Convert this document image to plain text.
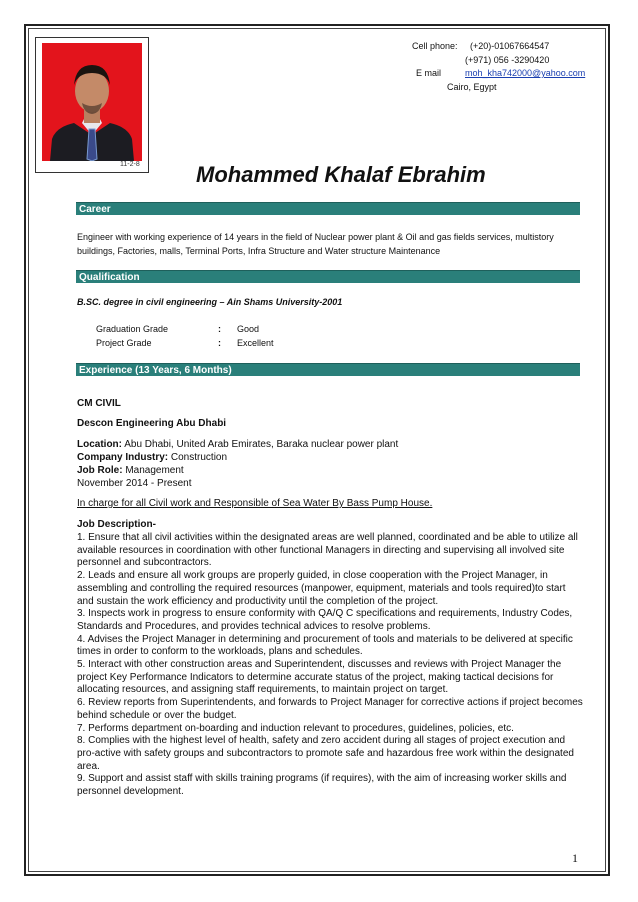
11-2-8
Cell phone: (+20)-01067664547
(+971) 056 -3290420
E mail	moh_kha742000@yahoo.com
Cairo, Egypt
Mohammed Khalaf Ebrahim
Career
Engineer with working experience of 14 years in the field of Nuclear power plant & Oil and gas fields services, multistory buildings, Factories, malls, Terminal Ports, Infra Structure and Water structure Maintenance
Qualification
B.SC. degree in civil engineering – Ain Shams University-2001
Graduation Grade	: Good
Project Grade	: Excellent
Experience (13 Years, 6 Months)
CM CIVIL
Descon Engineering Abu Dhabi
Location: Abu Dhabi, United Arab Emirates, Baraka nuclear power plant
Company Industry: Construction
Job Role: Management
November 2014 - Present
In charge for all Civil work and Responsible of Sea Water By Bass Pump House.
Job Description-

1. Ensure that all civil activities within the designated areas are well planned, coordinated and be able to utilize all available resources in coordination with other functional Managers in directing and supervising all involved site personnel and subcontractors.

2. Leads and ensure all work groups are properly guided, in close cooperation with the Project Manager, in assembling and controlling the required resources (manpower, equipment, materials and tools required)to start and sustain the work efficiency and productivity until the completion of the project.

3. Inspects work in progress to ensure conformity with QA/Q C specifications and requirements, Industry Codes, Standards and Procedures, and provides technical advices to resolve problems.

4. Advises the Project Manager in determining and procurement of tools and materials to be delivered at specific times in order to conform to the workloads, plans and schedules.

5. Interact with other construction areas and Superintendent, discusses and reviews with Project Manager the project Key Performance Indicators to determine accurate status of the project, making tactical decisions for allocating resources, and assigning staff requirements, to maintain project on target.

6. Review reports from Superintendents, and forwards to Project Manager for corrective actions if project becomes behind schedule or over the budget.

7. Performs department on-boarding and induction relevant to procedures, guidelines, policies, etc.

8. Complies with the highest level of health, safety and zero accident during all stages of project execution and pro-active with safety groups and subcontractors to promote safe and hazardous free work within the designated area.

9. Support and assist staff with skills training programs (if requires), with the aim of increasing worker skills and personnel development.

1
